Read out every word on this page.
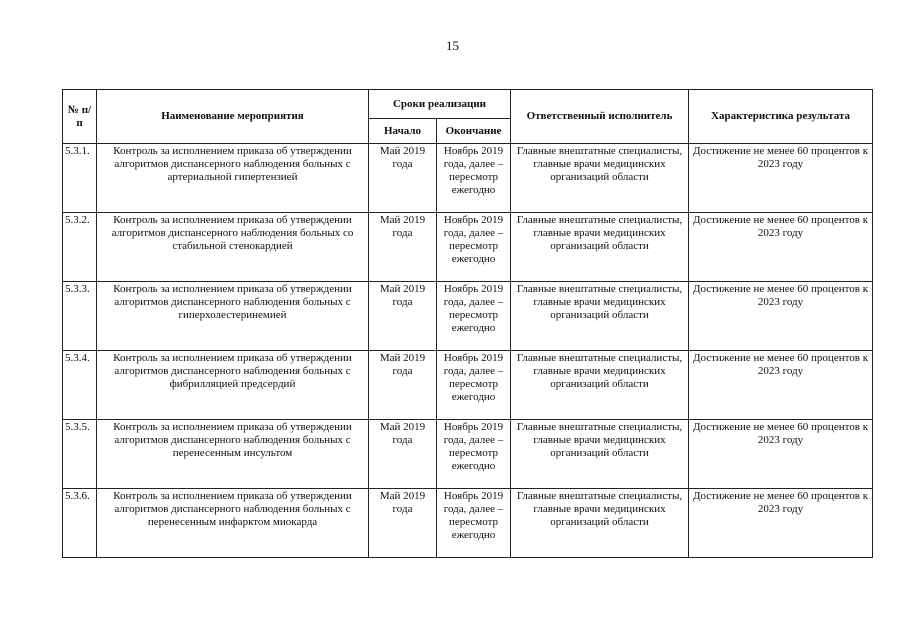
15
№ п/п	Наименование мероприятия	Сроки реализации		Ответственный исполнитель	Характеристика результата
		Начало	Окончание		
5.3.1.	Контроль за исполнением приказа об утверждении алгоритмов диспансерного наблюдения больных с артериальной гипертензией	Май 2019 года	Ноябрь 2019 года, далее – пересмотр ежегодно	Главные внештатные специалисты, главные врачи медицинских организаций области	Достижение не менее 60 процентов к 2023 году
5.3.2.	Контроль за исполнением приказа об утверждении алгоритмов диспансерного наблюдения больных со стабильной стенокардией	Май 2019 года	Ноябрь 2019 года, далее – пересмотр ежегодно	Главные внештатные специалисты, главные врачи медицинских организаций области	Достижение не менее 60 процентов к 2023 году
5.3.3.	Контроль за исполнением приказа об утверждении алгоритмов диспансерного наблюдения больных с гиперхолестеринемией	Май 2019 года	Ноябрь 2019 года, далее – пересмотр ежегодно	Главные внештатные специалисты, главные врачи медицинских организаций области	Достижение не менее 60 процентов к 2023 году
5.3.4.	Контроль за исполнением приказа об утверждении алгоритмов диспансерного наблюдения больных с фибрилляцией предсердий	Май 2019 года	Ноябрь 2019 года, далее – пересмотр ежегодно	Главные внештатные специалисты, главные врачи медицинских организаций области	Достижение не менее 60 процентов к 2023 году
5.3.5.	Контроль за исполнением приказа об утверждении алгоритмов диспансерного наблюдения больных с перенесенным инсультом	Май 2019 года	Ноябрь 2019 года, далее – пересмотр ежегодно	Главные внештатные специалисты, главные врачи медицинских организаций области	Достижение не менее 60 процентов к 2023 году
5.3.6.	Контроль за исполнением приказа об утверждении алгоритмов диспансерного наблюдения больных с перенесенным инфарктом миокарда	Май 2019 года	Ноябрь 2019 года, далее – пересмотр ежегодно	Главные внештатные специалисты, главные врачи медицинских организаций области	Достижение не менее 60 процентов к 2023 году
